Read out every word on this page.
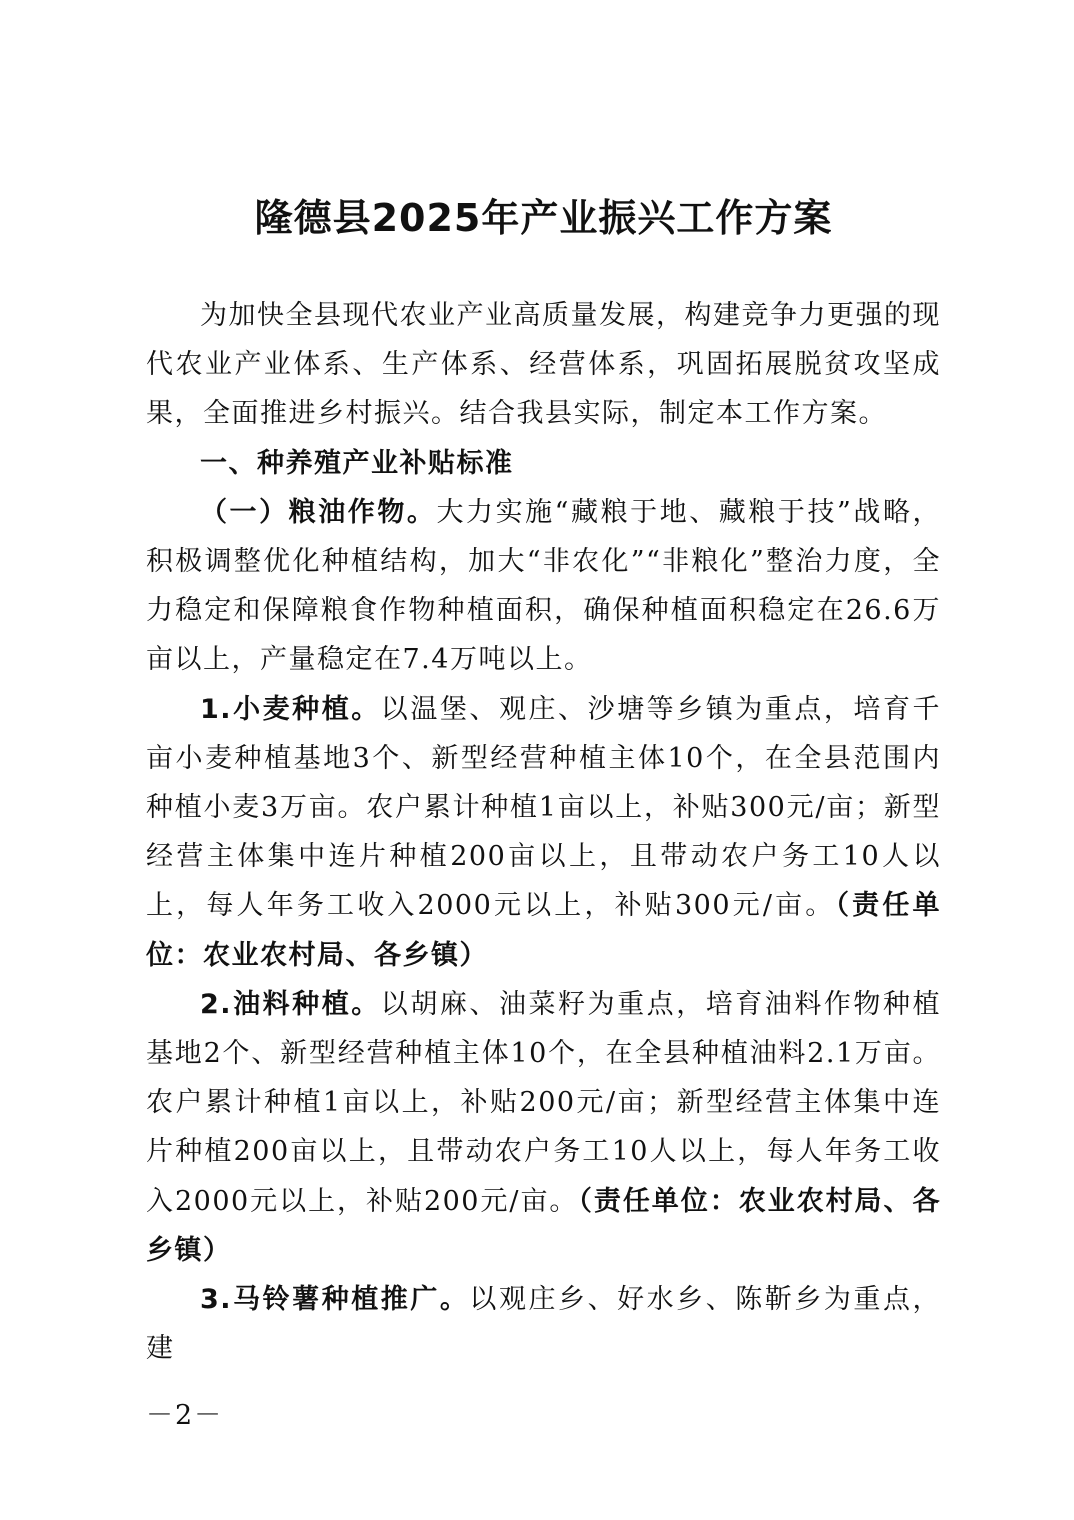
隆德县2025年产业振兴工作方案

为加快全县现代农业产业高质量发展，构建竞争力更强的现代农业产业体系、生产体系、经营体系，巩固拓展脱贫攻坚成果，全面推进乡村振兴。结合我县实际，制定本工作方案。

一、种养殖产业补贴标准

（一）粮油作物。大力实施“藏粮于地、藏粮于技”战略，积极调整优化种植结构，加大“非农化”“非粮化”整治力度，全力稳定和保障粮食作物种植面积，确保种植面积稳定在26.6万亩以上，产量稳定在7.4万吨以上。

1.小麦种植。以温堡、观庄、沙塘等乡镇为重点，培育千亩小麦种植基地3个、新型经营种植主体10个，在全县范围内种植小麦3万亩。农户累计种植1亩以上，补贴300元/亩；新型经营主体集中连片种植200亩以上，且带动农户务工10人以上，每人年务工收入2000元以上，补贴300元/亩。（责任单位：农业农村局、各乡镇）

2.油料种植。以胡麻、油菜籽为重点，培育油料作物种植基地2个、新型经营种植主体10个，在全县种植油料2.1万亩。农户累计种植1亩以上，补贴200元/亩；新型经营主体集中连片种植200亩以上，且带动农户务工10人以上，每人年务工收入2000元以上，补贴200元/亩。（责任单位：农业农村局、各乡镇）

3.马铃薯种植推广。以观庄乡、好水乡、陈靳乡为重点，建

－2－
